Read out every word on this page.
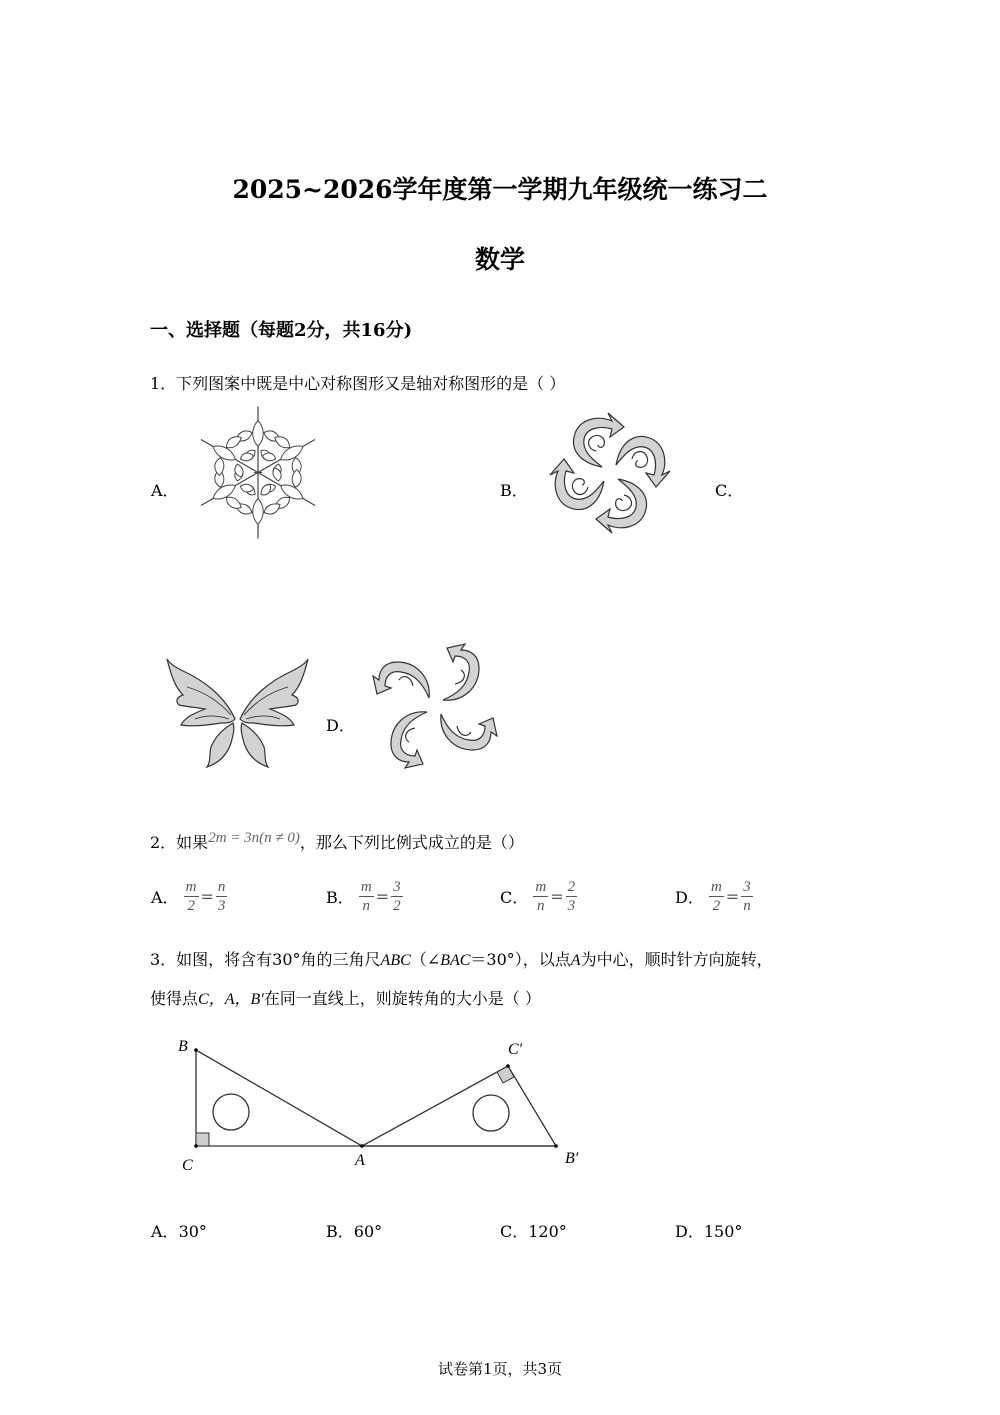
2025~2026学年度第一学期九年级统一练习二
数学
一、选择题（每题2分，共16分)
1．下列图案中既是中心对称图形又是轴对称图形的是（ ）
A．	B．	C．
D．
2．如果2m = 3n(n ≠ 0)，那么下列比例式成立的是（）
A． $\frac{m}{2} = \frac{n}{3}$	B． $\frac{m}{n} = \frac{3}{2}$	C． $\frac{m}{n} = \frac{2}{3}$	D． $\frac{m}{2} = \frac{3}{n}$
3．如图，将含有30°角的三角尺ABC（∠BAC＝30°），以点A为中心，顺时针方向旋转，
使得点C，A，B′在同一直线上，则旋转角的大小是（ ）
B
C	A
C′
B′
A．30°	B．60°	C．120°	D．150°
试卷第1页，共3页
